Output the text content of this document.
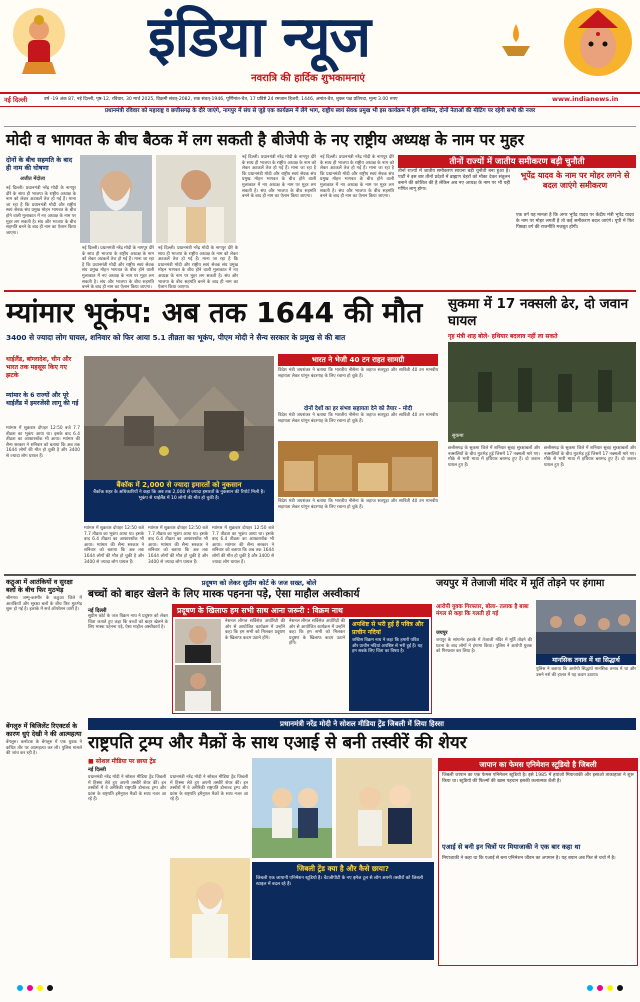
इंडिया न्यूज
नवरात्रि की हार्दिक शुभकामनाएं
नई दिल्ली	वर्ष -19 अंक 87, नई दिल्ली, पृष्ठ-12, रविवार, 30 मार्च 2025, विक्रमी संवत्-2082, शक संवत्-1946, पूर्णिमांत-चैत्र, 17 प्रविष्टे 24 रमजान हिजरी, 1446, अमांत-चैत्र, शुक्ल पक्ष प्रतिपदा, मूल्य 3.00 रुपए	www.indianews.in
प्रधानमंत्री रविवार को महाराष्ट्र व छत्तीसगढ़ के दौरे जाएंगे, नागपुर में संघ से जुड़े एक कार्यक्रम में लेंगे भाग, राष्ट्रीय स्वयं सेवक प्रमुख भी इस कार्यक्रम में होंगे शामिल, दोनों नेताओं की मीटिंग पर रहेगी सभी की नजर
मोदी व भागवत के बीच बैठक में लग सकती है बीजेपी के नए राष्ट्रीय अध्यक्ष के नाम पर मुहर
दोनों के बीच सहमति के बाद ही नाम की घोषणा
अजीत मेंदोला
नई दिल्ली। प्रधानमंत्री नरेंद्र मोदी के नागपुर दौरे के साथ ही भाजपा के राष्ट्रीय अध्यक्ष के नाम को लेकर अटकलें तेज हो गई हैं। माना जा रहा है कि प्रधानमंत्री मोदी और राष्ट्रीय स्वयं सेवक संघ प्रमुख मोहन भागवत के बीच होने वाली मुलाकात में नए अध्यक्ष के नाम पर मुहर लग सकती है। संघ और भाजपा के बीच सहमति बनने के बाद ही नाम का ऐलान किया जाएगा।
नई दिल्ली। प्रधानमंत्री नरेंद्र मोदी के नागपुर दौरे के साथ ही भाजपा के राष्ट्रीय अध्यक्ष के नाम को लेकर अटकलें तेज हो गई हैं। माना जा रहा है कि प्रधानमंत्री मोदी और राष्ट्रीय स्वयं सेवक संघ प्रमुख मोहन भागवत के बीच होने वाली मुलाकात में नए अध्यक्ष के नाम पर मुहर लग सकती है। संघ और भाजपा के बीच सहमति बनने के बाद ही नाम का ऐलान किया जाएगा।
नई दिल्ली। प्रधानमंत्री नरेंद्र मोदी के नागपुर दौरे के साथ ही भाजपा के राष्ट्रीय अध्यक्ष के नाम को लेकर अटकलें तेज हो गई हैं। माना जा रहा है कि प्रधानमंत्री मोदी और राष्ट्रीय स्वयं सेवक संघ प्रमुख मोहन भागवत के बीच होने वाली मुलाकात में नए अध्यक्ष के नाम पर मुहर लग सकती है। संघ और भाजपा के बीच सहमति बनने के बाद ही नाम का ऐलान किया जाएगा।
नई दिल्ली। प्रधानमंत्री नरेंद्र मोदी के नागपुर दौरे के साथ ही भाजपा के राष्ट्रीय अध्यक्ष के नाम को लेकर अटकलें तेज हो गई हैं। माना जा रहा है कि प्रधानमंत्री मोदी और राष्ट्रीय स्वयं सेवक संघ प्रमुख मोहन भागवत के बीच होने वाली मुलाकात में नए अध्यक्ष के नाम पर मुहर लग सकती है। संघ और भाजपा के बीच सहमति बनने के बाद ही नाम का ऐलान किया जाएगा।
नई दिल्ली। प्रधानमंत्री नरेंद्र मोदी के नागपुर दौरे के साथ ही भाजपा के राष्ट्रीय अध्यक्ष के नाम को लेकर अटकलें तेज हो गई हैं। माना जा रहा है कि प्रधानमंत्री मोदी और राष्ट्रीय स्वयं सेवक संघ प्रमुख मोहन भागवत के बीच होने वाली मुलाकात में नए अध्यक्ष के नाम पर मुहर लग सकती है। संघ और भाजपा के बीच सहमति बनने के बाद ही नाम का ऐलान किया जाएगा।
तीनों राज्यों में जातीय समीकरण बड़ी चुनौती
तीनों राज्यों में जातीय समीकरण साधना बड़ी चुनौती बना हुआ है। पार्टी ने इस बार तीनों प्रदेशों में ब्राह्मण चेहरों को मौका देकर संतुलन बनाने की कोशिश की है लेकिन अब नए अध्यक्ष के नाम पर भी यही गणित लागू होगा।
भूपेंद्र यादव के नाम पर मोहर लगने से बदल जाएंगे समीकरण
एक वर्ग यह मानता है कि अगर भूपेंद्र यादव पर केंद्रीय मंत्री भूपेंद्र यादव के नाम पर मोहर लगती है तो कई समीकरण बदल जाएंगे। यूपी में फिर पिछड़ा वर्ग की राजनीति मजबूत होगी।
म्यांमार भूकंप: अब तक 1644 की मौत
3400 से ज्यादा लोग घायल, शनिवार को फिर आया 5.1 तीव्रता का भूकंप, पीएम मोदी ने सैन्य सरकार के प्रमुख से की बात
थाईलैंड, बांग्लादेश, चीन और भारत तक महसूस किए गए झटके
म्यांमार के 6 राज्यों और पूरे थाईलैंड में इमरजेंसी लागू की गई
म्यांमार में शुक्रवार दोपहर 12:50 बजे 7.7 तीव्रता का भूकंप आया था। इसके बाद 6.4 तीव्रता का आफ्टरशॉक भी आया। म्यांमार की सैन्य सरकार ने शनिवार को बताया कि अब तक 1644 लोगों की मौत हो चुकी है और 3400 से ज्यादा लोग घायल हैं।
बैंकॉक में 2,000 से ज्यादा इमारतों को नुकसान
बैंकॉक शहर के अधिकारियों ने कहा कि अब तक 2,000 से ज्यादा इमारतों के नुकसान की रिपोर्ट मिली है। भूकंप से थाईलैंड में 10 लोगों की मौत हो चुकी है।
म्यांमार में शुक्रवार दोपहर 12:50 बजे 7.7 तीव्रता का भूकंप आया था। इसके बाद 6.4 तीव्रता का आफ्टरशॉक भी आया। म्यांमार की सैन्य सरकार ने शनिवार को बताया कि अब तक 1644 लोगों की मौत हो चुकी है और 3400 से ज्यादा लोग घायल हैं।
म्यांमार में शुक्रवार दोपहर 12:50 बजे 7.7 तीव्रता का भूकंप आया था। इसके बाद 6.4 तीव्रता का आफ्टरशॉक भी आया। म्यांमार की सैन्य सरकार ने शनिवार को बताया कि अब तक 1644 लोगों की मौत हो चुकी है और 3400 से ज्यादा लोग घायल हैं।
म्यांमार में शुक्रवार दोपहर 12:50 बजे 7.7 तीव्रता का भूकंप आया था। इसके बाद 6.4 तीव्रता का आफ्टरशॉक भी आया। म्यांमार की सैन्य सरकार ने शनिवार को बताया कि अब तक 1644 लोगों की मौत हो चुकी है और 3400 से ज्यादा लोग घायल हैं।
भारत ने भेजी 40 टन राहत सामग्री
विदेश मंत्री जयशंकर ने बताया कि भारतीय नौसेना के जहाज सतपुड़ा और सावित्री 40 टन मानवीय सहायता लेकर यांगून बंदरगाह के लिए रवाना हो चुके हैं।
दोनों देशों का हर संभव सहायता देने को तैयार - मोदी
विदेश मंत्री जयशंकर ने बताया कि भारतीय नौसेना के जहाज सतपुड़ा और सावित्री 40 टन मानवीय सहायता लेकर यांगून बंदरगाह के लिए रवाना हो चुके हैं।
विदेश मंत्री जयशंकर ने बताया कि भारतीय नौसेना के जहाज सतपुड़ा और सावित्री 40 टन मानवीय सहायता लेकर यांगून बंदरगाह के लिए रवाना हो चुके हैं।
सुकमा में 17 नक्सली ढेर, दो जवान घायल
गृह मंत्री शाह बोले- हथियार बदलाव नहीं ला सकते
सुकमा
छत्तीसगढ़ के सुकमा जिले में शनिवार सुबह सुरक्षाबलों और नक्सलियों के बीच मुठभेड़ हुई जिसमें 17 नक्सली मारे गए। मौके से भारी मात्रा में हथियार बरामद हुए हैं। दो जवान घायल हुए हैं।
छत्तीसगढ़ के सुकमा जिले में शनिवार सुबह सुरक्षाबलों और नक्सलियों के बीच मुठभेड़ हुई जिसमें 17 नक्सली मारे गए। मौके से भारी मात्रा में हथियार बरामद हुए हैं। दो जवान घायल हुए हैं।
कठुआ में आतंकियों व सुरक्षा बलों के बीच फिर मुठभेड़
श्रीनगर। जम्मू-कश्मीर के कठुआ जिले में आतंकियों और सुरक्षा बलों के बीच फिर मुठभेड़ शुरू हो गई है। इलाके में सर्च ऑपरेशन जारी है।
बेंगलुरु में बिजिलेंट रिएक्टर्स के कारण धुएं देखी ने की आत्महत्या
बेंगलुरु। कर्नाटक के बेंगलुरु में एक युवक ने कथित तौर पर आत्महत्या कर ली। पुलिस मामले की जांच कर रही है।
प्रदूषण को लेकर सुप्रीम कोर्ट के जज सख्त, बोले
बच्चों को बाहर खेलने के लिए मास्क पहनना पड़े, ऐसा माहौल अस्वीकार्य
नई दिल्ली
सुप्रीम कोर्ट के जज विक्रम नाथ ने प्रदूषण को लेकर चिंता जताते हुए कहा कि बच्चों को बाहर खेलने के लिए मास्क पहनना पड़े, ऐसा माहौल अस्वीकार्य है।
प्रदूषण के खिलाफ हम सभी साथ आना जरूरी : विक्रम नाथ
नेशनल लीगल सर्विसेज अथॉरिटी की ओर से आयोजित कार्यक्रम में उन्होंने कहा कि हम सभी को मिलकर प्रदूषण के खिलाफ कदम उठाने होंगे।
नेशनल लीगल सर्विसेज अथॉरिटी की ओर से आयोजित कार्यक्रम में उन्होंने कहा कि हम सभी को मिलकर प्रदूषण के खिलाफ कदम उठाने होंगे।
अपशिष्ट से भरी हुई हैं पवित्र और प्राचीन नदियां
जस्टिस विक्रम नाथ ने कहा कि हमारी पवित्र और प्राचीन नदियां अपशिष्ट से भरी हुई हैं। यह हम सबके लिए चिंता का विषय है।
जयपुर में तेजाजी मंदिर में मूर्ति तोड़ने पर हंगामा
आरोपी युवक गिरफ्तार, बोला- तलाक है बाबा मंगल से कहा कि गलती हो गई
जयपुर
जयपुर के सांगानेर इलाके में तेजाजी मंदिर में मूर्ति तोड़ने की घटना के बाद लोगों ने हंगामा किया। पुलिस ने आरोपी युवक को गिरफ्तार कर लिया है।
मानसिक तनाव में था सिद्धार्थ
पुलिस ने बताया कि आरोपी सिद्धार्थ मानसिक तनाव में था और उसने नशे की हालत में यह कदम उठाया।
प्रधानमंत्री नरेंद्र मोदी ने सोशल मीडिया ट्रेंड जिबली में लिया हिस्सा
राष्ट्रपति ट्रम्प और मैक्रों के साथ एआई से बनी तस्वीरें की शेयर
■ सोशल मीडिया पर छाया ट्रेंड
नई दिल्ली
प्रधानमंत्री नरेंद्र मोदी ने सोशल मीडिया ट्रेंड जिबली में हिस्सा लेते हुए अपनी तस्वीरें शेयर कीं। इन तस्वीरों में वे अमेरिकी राष्ट्रपति डोनाल्ड ट्रम्प और फ्रांस के राष्ट्रपति इमैनुएल मैक्रों के साथ नजर आ रहे हैं।
प्रधानमंत्री नरेंद्र मोदी ने सोशल मीडिया ट्रेंड जिबली में हिस्सा लेते हुए अपनी तस्वीरें शेयर कीं। इन तस्वीरों में वे अमेरिकी राष्ट्रपति डोनाल्ड ट्रम्प और फ्रांस के राष्ट्रपति इमैनुएल मैक्रों के साथ नजर आ रहे हैं।
जिबली ट्रेंड क्या है और कैसे छाया?
जिबली एक जापानी एनिमेशन स्टूडियो है। चैटजीपीटी के नए इमेज टूल से लोग अपनी तस्वीरों को जिबली स्टाइल में बदल रहे हैं।
जापान का फेमस एनिमेशन स्टूडियो है जिबली
जिबली जापान का एक फेमस एनिमेशन स्टूडियो है। इसे 1985 में हयाओ मियाजाकी और इसाओ ताकाहाता ने शुरू किया था। स्टूडियो की फिल्मों की खास पहचान इसकी कलात्मक शैली है।
एआई से बनी इन चित्रों पर मियाजाकी ने एक बार कहा था
मियाजाकी ने कहा था कि एआई से बना एनिमेशन जीवन का अपमान है। यह बयान अब फिर से चर्चा में है।
